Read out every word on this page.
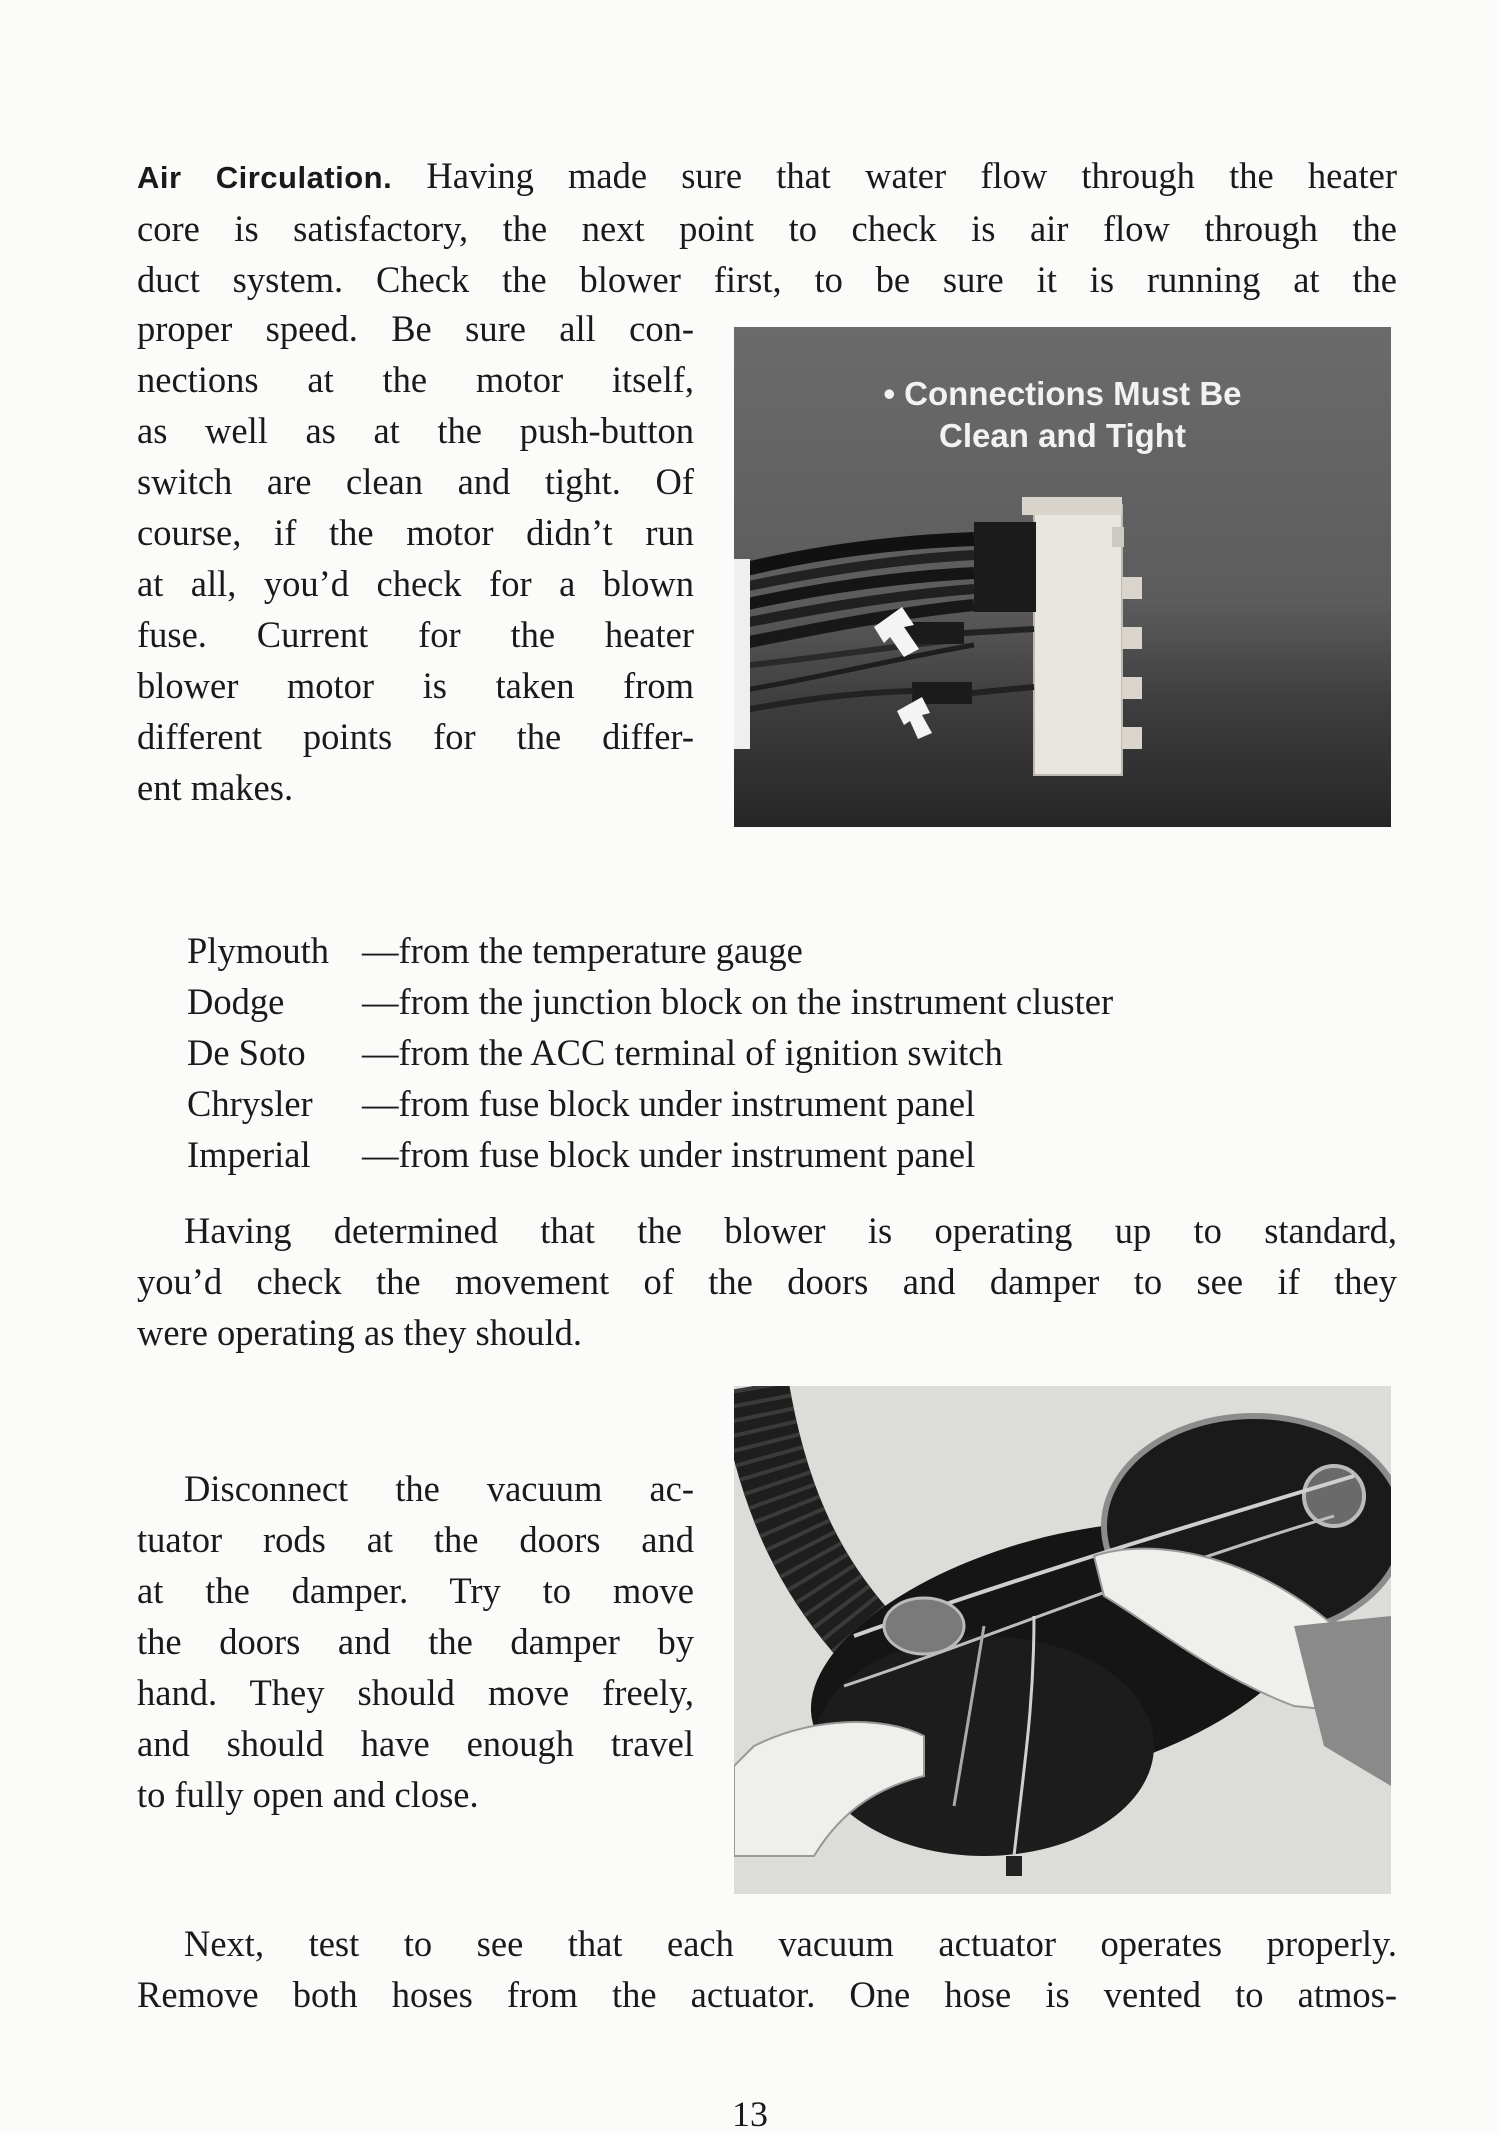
Air Circulation. Having made sure that water flow through the heater
core is satisfactory, the next point to check is air flow through the
duct system. Check the blower first, to be sure it is running at the
proper speed. Be sure all con-
nections at the motor itself,
as well as at the push-button
switch are clean and tight. Of
course, if the motor didn’t run
at all, you’d check for a blown
fuse. Current for the heater
blower motor is taken from
different points for the differ-
ent makes.
• Connections Must Be
Clean and Tight
Plymouth —from the temperature gauge
Dodge	—from the junction block on the instrument cluster
De Soto	—from the ACC terminal of ignition switch
Chrysler	—from fuse block under instrument panel
Imperial	—from fuse block under instrument panel
Having determined that the blower is operating up to standard,
you’d check the movement of the doors and damper to see if they
were operating as they should.
Disconnect the vacuum ac-
tuator rods at the doors and
at the damper. Try to move
the doors and the damper by
hand. They should move freely,
and should have enough travel
to fully open and close.
Next, test to see that each vacuum actuator operates properly.
Remove both hoses from the actuator. One hose is vented to atmos-
13
